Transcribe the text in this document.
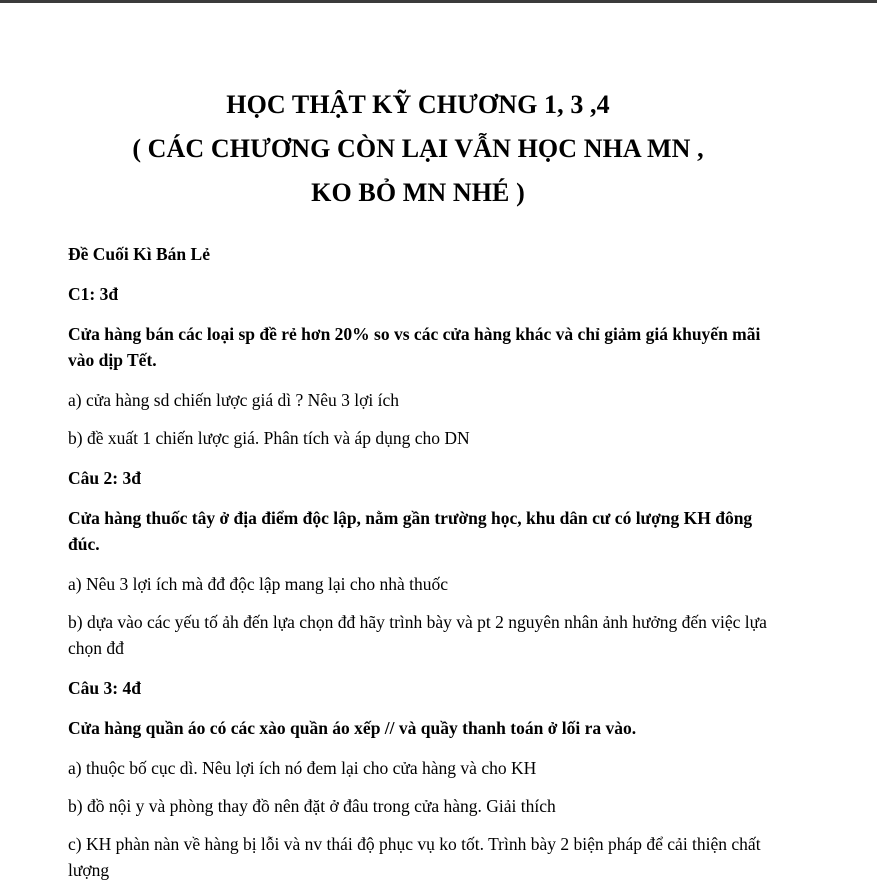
HỌC THẬT KỸ CHƯƠNG 1, 3 ,4
( CÁC CHƯƠNG CÒN LẠI VẪN HỌC NHA MN ,
KO BỎ MN NHÉ )

Đề Cuối Kì Bán Lẻ

C1: 3đ

Cửa hàng bán các loại sp đề rẻ hơn 20% so vs các cửa hàng khác và chỉ giảm giá khuyến mãi vào dịp Tết.

a) cửa hàng sd chiến lược giá dì ? Nêu 3 lợi ích

b) đề xuất 1 chiến lược giá. Phân tích và áp dụng cho DN

Câu 2: 3đ

Cửa hàng thuốc tây ở địa điểm độc lập, nằm gần trường học, khu dân cư có lượng KH đông đúc.

a) Nêu 3 lợi ích mà đđ độc lập mang lại cho nhà thuốc

b) dựa vào các yếu tố ảh đến lựa chọn đđ hãy trình bày và pt 2 nguyên nhân ảnh hưởng đến việc lựa chọn đđ

Câu 3: 4đ

Cửa hàng quần áo có các xào quần áo xếp // và quầy thanh toán ở lối ra vào.

a) thuộc bố cục dì. Nêu lợi ích nó đem lại cho cửa hàng và cho KH

b) đồ nội y và phòng thay đồ nên đặt ở đâu trong cửa hàng. Giải thích

c) KH phàn nàn về hàng bị lỗi và nv thái độ phục vụ ko tốt. Trình bày 2 biện pháp để cải thiện chất lượng
